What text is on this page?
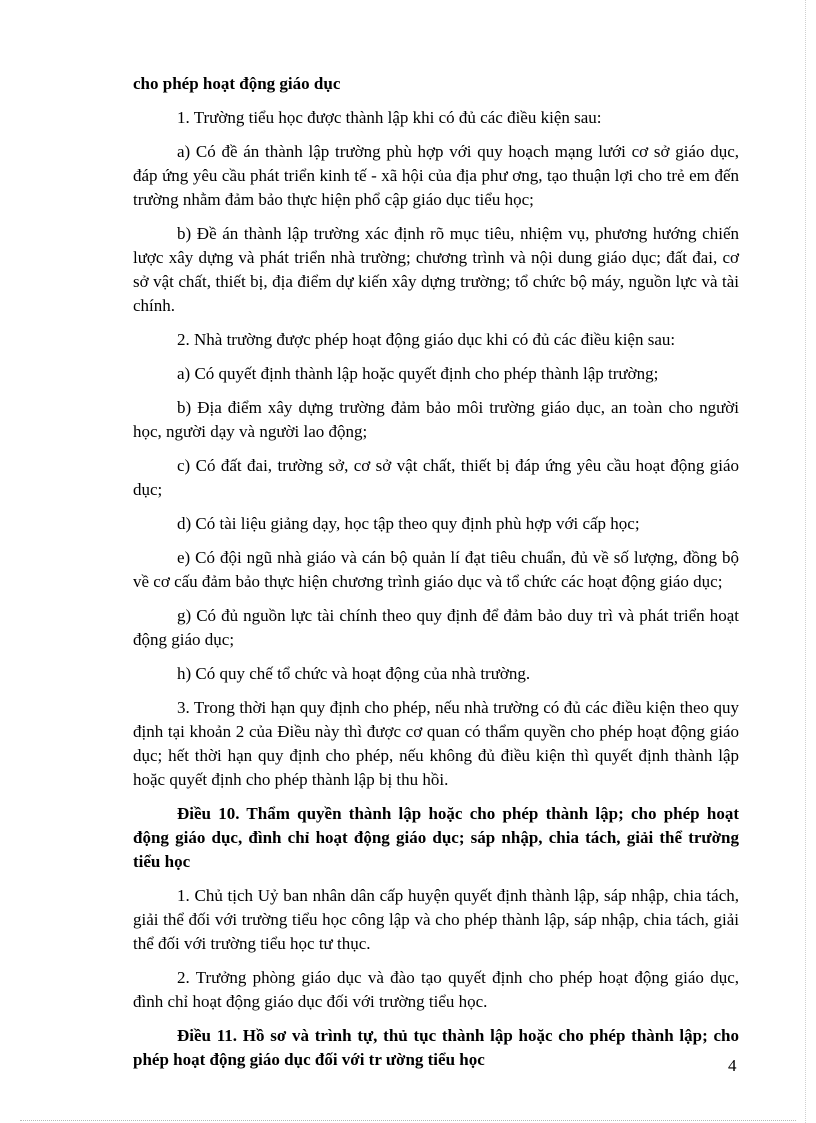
cho phép hoạt động giáo dục

1. Trường tiểu học được thành lập khi có đủ các điều kiện sau:

a) Có đề án thành lập trường phù hợp với quy hoạch mạng lưới cơ sở giáo dục, đáp ứng yêu cầu phát triển kinh tế - xã hội của địa phư ơng, tạo thuận lợi cho trẻ em đến trường nhằm đảm bảo thực hiện phổ cập giáo dục tiểu học;

b) Đề án thành lập trường xác định rõ mục tiêu, nhiệm vụ, phương hướng chiến lược xây dựng và phát triển nhà trường; chương trình và nội dung giáo dục; đất đai, cơ sở vật chất, thiết bị, địa điểm dự kiến xây dựng trường; tổ chức bộ máy, nguồn lực và tài chính.

2. Nhà trường được phép hoạt động giáo dục khi có đủ các điều kiện sau:

a) Có quyết định thành lập hoặc quyết định cho phép thành lập trường;

b) Địa điểm xây dựng trường đảm bảo môi trường giáo dục, an toàn cho người học, người dạy và người lao động;

c) Có đất đai, trường sở, cơ sở vật chất, thiết bị đáp ứng yêu cầu hoạt động giáo dục;

d) Có tài liệu giảng dạy, học tập theo quy định phù hợp với cấp học;

e) Có đội ngũ nhà giáo và cán bộ quản lí đạt tiêu chuẩn, đủ về số lượng, đồng bộ về cơ cấu đảm bảo thực hiện chương trình giáo dục và tổ chức các hoạt động giáo dục;

g) Có đủ nguồn lực tài chính theo quy định để đảm bảo duy trì và phát triển hoạt động giáo dục;

h) Có quy chế tổ chức và hoạt động của nhà trường.

3. Trong thời hạn quy định cho phép, nếu nhà trường có đủ các điều kiện theo quy định tại khoản 2 của Điều này thì được cơ quan có thẩm quyền cho phép hoạt động giáo dục; hết thời hạn quy định cho phép, nếu không đủ điều kiện thì quyết định thành lập hoặc quyết định cho phép thành lập bị thu hồi.

Điều 10. Thẩm quyền thành lập hoặc cho phép thành lập; cho phép hoạt động giáo dục, đình chỉ hoạt động giáo dục; sáp nhập, chia tách, giải thể trường tiểu học

1. Chủ tịch Uỷ ban nhân dân cấp huyện quyết định thành lập, sáp nhập, chia tách, giải thể đối với trường tiểu học công lập và cho phép thành lập, sáp nhập, chia tách, giải thể đối với trường tiểu học tư thục.

2. Trưởng phòng giáo dục và đào tạo quyết định cho phép hoạt động giáo dục, đình chỉ hoạt động giáo dục đối với trường tiểu học.

Điều 11. Hồ sơ và trình tự, thủ tục thành lập hoặc cho phép thành lập; cho phép hoạt động giáo dục đối với tr ường tiểu học	4
